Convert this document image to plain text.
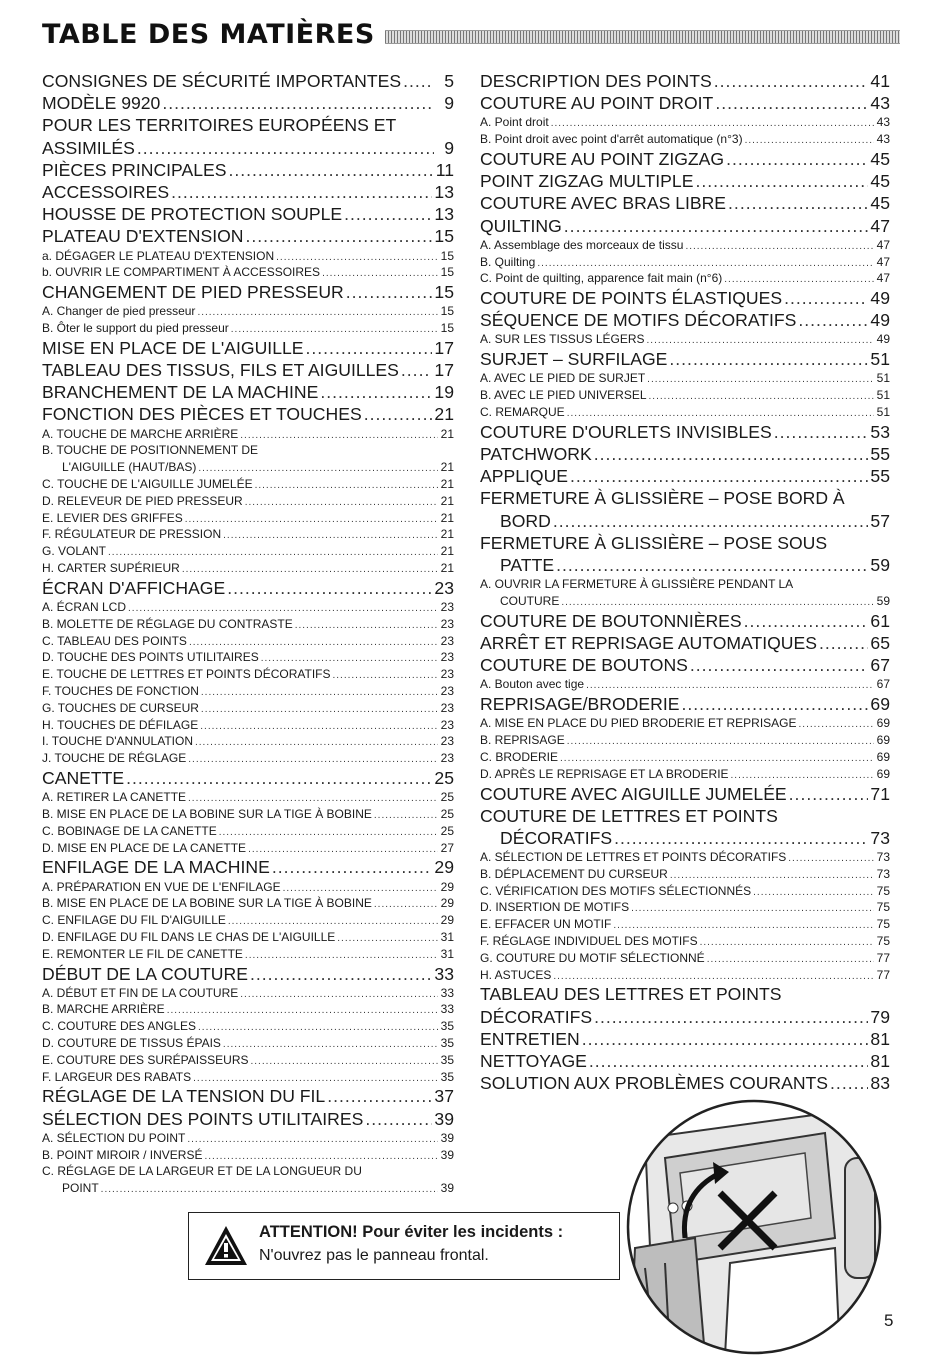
TABLE DES MATIÈRES
CONSIGNES DE SÉCURITÉ IMPORTANTES .....	5
MODÈLE 9920 .....	9
POUR LES TERRITOIRES EUROPÉENS ET
ASSIMILÉS .....	9
PIÈCES PRINCIPALES .....	11
ACCESSOIRES .....	13
HOUSSE DE PROTECTION SOUPLE .....	13
PLATEAU D'EXTENSION .....	15
a. DÉGAGER LE PLATEAU D'EXTENSION .....	15
b. OUVRIR LE COMPARTIMENT À ACCESSOIRES .....	15
CHANGEMENT DE PIED PRESSEUR .....	15
A. Changer de pied presseur .....	15
B. Ôter le support du pied presseur .....	15
MISE EN PLACE DE L'AIGUILLE .....	17
TABLEAU DES TISSUS, FILS ET AIGUILLES ..... 17
BRANCHEMENT DE LA MACHINE .....	19
FONCTION DES PIÈCES ET TOUCHES .....	21
A. TOUCHE DE MARCHE ARRIÈRE .....	21
B. TOUCHE DE POSITIONNEMENT DE
L'AIGUILLE (HAUT/BAS) .....	21
C. TOUCHE DE L'AIGUILLE JUMELÉE .....	21
D. RELEVEUR DE PIED PRESSEUR .....	21
E. LEVIER DES GRIFFES .....	21
F. RÉGULATEUR DE PRESSION .....	21
G. VOLANT .....	21
H. CARTER SUPÉRIEUR .....	21
ÉCRAN D'AFFICHAGE .....	23
A. ÉCRAN LCD .....	23
B. MOLETTE DE RÉGLAGE DU CONTRASTE .....	23
C. TABLEAU DES POINTS .....	23
D. TOUCHE DES POINTS UTILITAIRES .....	23
E. TOUCHE DE LETTRES ET POINTS DÉCORATIFS .....	23
F. TOUCHES DE FONCTION .....	23
G. TOUCHES DE CURSEUR .....	23
H. TOUCHES DE DÉFILAGE .....	23
I. TOUCHE D'ANNULATION .....	23
J. TOUCHE DE RÉGLAGE .....	23
CANETTE .....	25
A. RETIRER LA CANETTE .....	25
B. MISE EN PLACE DE LA BOBINE SUR LA TIGE À BOBINE .....	25
C. BOBINAGE DE LA CANETTE .....	25
D. MISE EN PLACE DE LA CANETTE .....	27
ENFILAGE DE LA MACHINE .....	29
A. PRÉPARATION EN VUE DE L'ENFILAGE .....	29
B. MISE EN PLACE DE LA BOBINE SUR LA TIGE À BOBINE .....	29
C. ENFILAGE DU FIL D'AIGUILLE .....	29
D. ENFILAGE DU FIL DANS LE CHAS DE L'AIGUILLE .....	31
E. REMONTER LE FIL DE CANETTE .....	31
DÉBUT DE LA COUTURE .....	33
A. DÉBUT ET FIN DE LA COUTURE .....	33
B. MARCHE ARRIÈRE .....	33
C. COUTURE DES ANGLES .....	35
D. COUTURE DE TISSUS ÉPAIS .....	35
E. COUTURE DES SURÉPAISSEURS .....	35
F. LARGEUR DES RABATS .....	35
RÉGLAGE DE LA TENSION DU FIL .....	37
SÉLECTION DES POINTS UTILITAIRES .....	39
A. SÉLECTION DU POINT .....	39
B. POINT MIROIR / INVERSÉ .....	39
C. RÉGLAGE DE LA LARGEUR ET DE LA LONGUEUR DU
POINT .....	39
DESCRIPTION DES POINTS .....	41
COUTURE AU POINT DROIT .....	43
A. Point droit .....	43
B. Point droit avec point d'arrêt automatique (n°3) .....	43
COUTURE AU POINT ZIGZAG .....	45
POINT ZIGZAG MULTIPLE .....	45
COUTURE AVEC BRAS LIBRE .....	45
QUILTING .....	47
A. Assemblage des morceaux de tissu .....	47
B. Quilting .....	47
C. Point de quilting, apparence fait main (n°6) .....	47
COUTURE DE POINTS ÉLASTIQUES .....	49
SÉQUENCE DE MOTIFS DÉCORATIFS .....	49
A. SUR LES TISSUS LÉGERS .....	49
SURJET – SURFILAGE .....	51
A. AVEC LE PIED DE SURJET .....	51
B. AVEC LE PIED UNIVERSEL .....	51
C. REMARQUE .....	51
COUTURE D'OURLETS INVISIBLES .....	53
PATCHWORK .....	55
APPLIQUE .....	55
FERMETURE À GLISSIÈRE – POSE BORD À
BORD .....	57
FERMETURE À GLISSIÈRE – POSE SOUS
PATTE .....	59
A. OUVRIR LA FERMETURE À GLISSIÈRE PENDANT LA
COUTURE .....	59
COUTURE DE BOUTONNIÈRES .....	61
ARRÊT ET REPRISAGE AUTOMATIQUES .....	65
COUTURE DE BOUTONS .....	67
A. Bouton avec tige .....	67
REPRISAGE/BRODERIE .....	69
A. MISE EN PLACE DU PIED BRODERIE ET REPRISAGE .....	69
B. REPRISAGE .....	69
C. BRODERIE .....	69
D. APRÈS LE REPRISAGE ET LA BRODERIE .....	69
COUTURE AVEC AIGUILLE JUMELÉE .....	71
COUTURE DE LETTRES ET POINTS
DÉCORATIFS .....	73
A. SÉLECTION DE LETTRES ET POINTS DÉCORATIFS .....	73
B. DÉPLACEMENT DU CURSEUR .....	73
C. VÉRIFICATION DES MOTIFS SÉLECTIONNÉS .....	75
D. INSERTION DE MOTIFS .....	75
E. EFFACER UN MOTIF .....	75
F. RÉGLAGE INDIVIDUEL DES MOTIFS .....	75
G. COUTURE DU MOTIF SÉLECTIONNÉ .....	77
H. ASTUCES .....	77
TABLEAU DES LETTRES ET POINTS
DÉCORATIFS .....	79
ENTRETIEN .....	81
NETTOYAGE .....	81
SOLUTION AUX PROBLÈMES COURANTS ..... 83
ATTENTION! Pour éviter les incidents :
N'ouvrez pas le panneau frontal.
5
